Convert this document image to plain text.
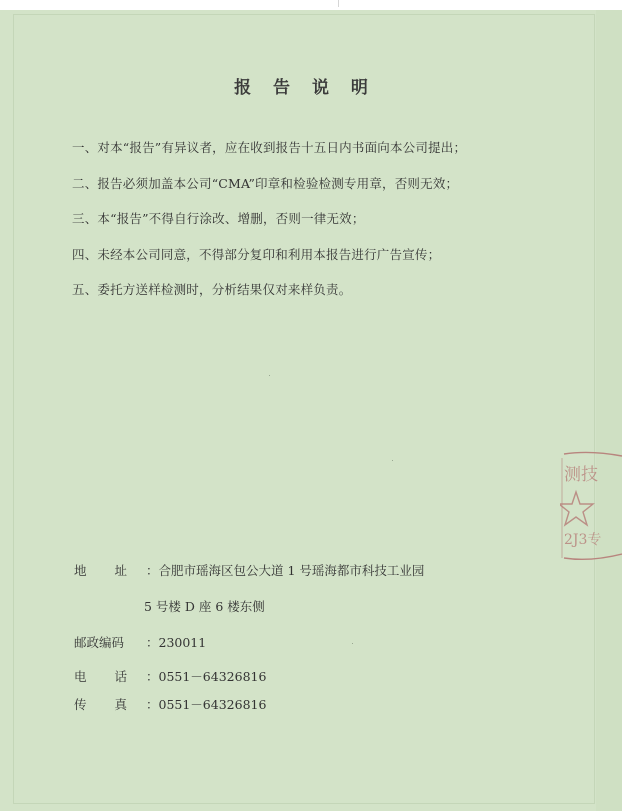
报 告 说 明
一、对本“报告”有异议者，应在收到报告十五日内书面向本公司提出；
二、报告必须加盖本公司“CMA”印章和检验检测专用章，否则无效；
三、本“报告”不得自行涂改、增删，否则一律无效；
四、未经本公司同意，不得部分复印和利用本报告进行广告宣传；
五、委托方送样检测时，分析结果仅对来样负责。
地址
：合肥市瑶海区包公大道 1 号瑶海都市科技工业园
5 号楼 D 座 6 楼东侧
邮政编码 ：230011
电话
：0551－64326816
传真
：0551－64326816
测技
2J3专
